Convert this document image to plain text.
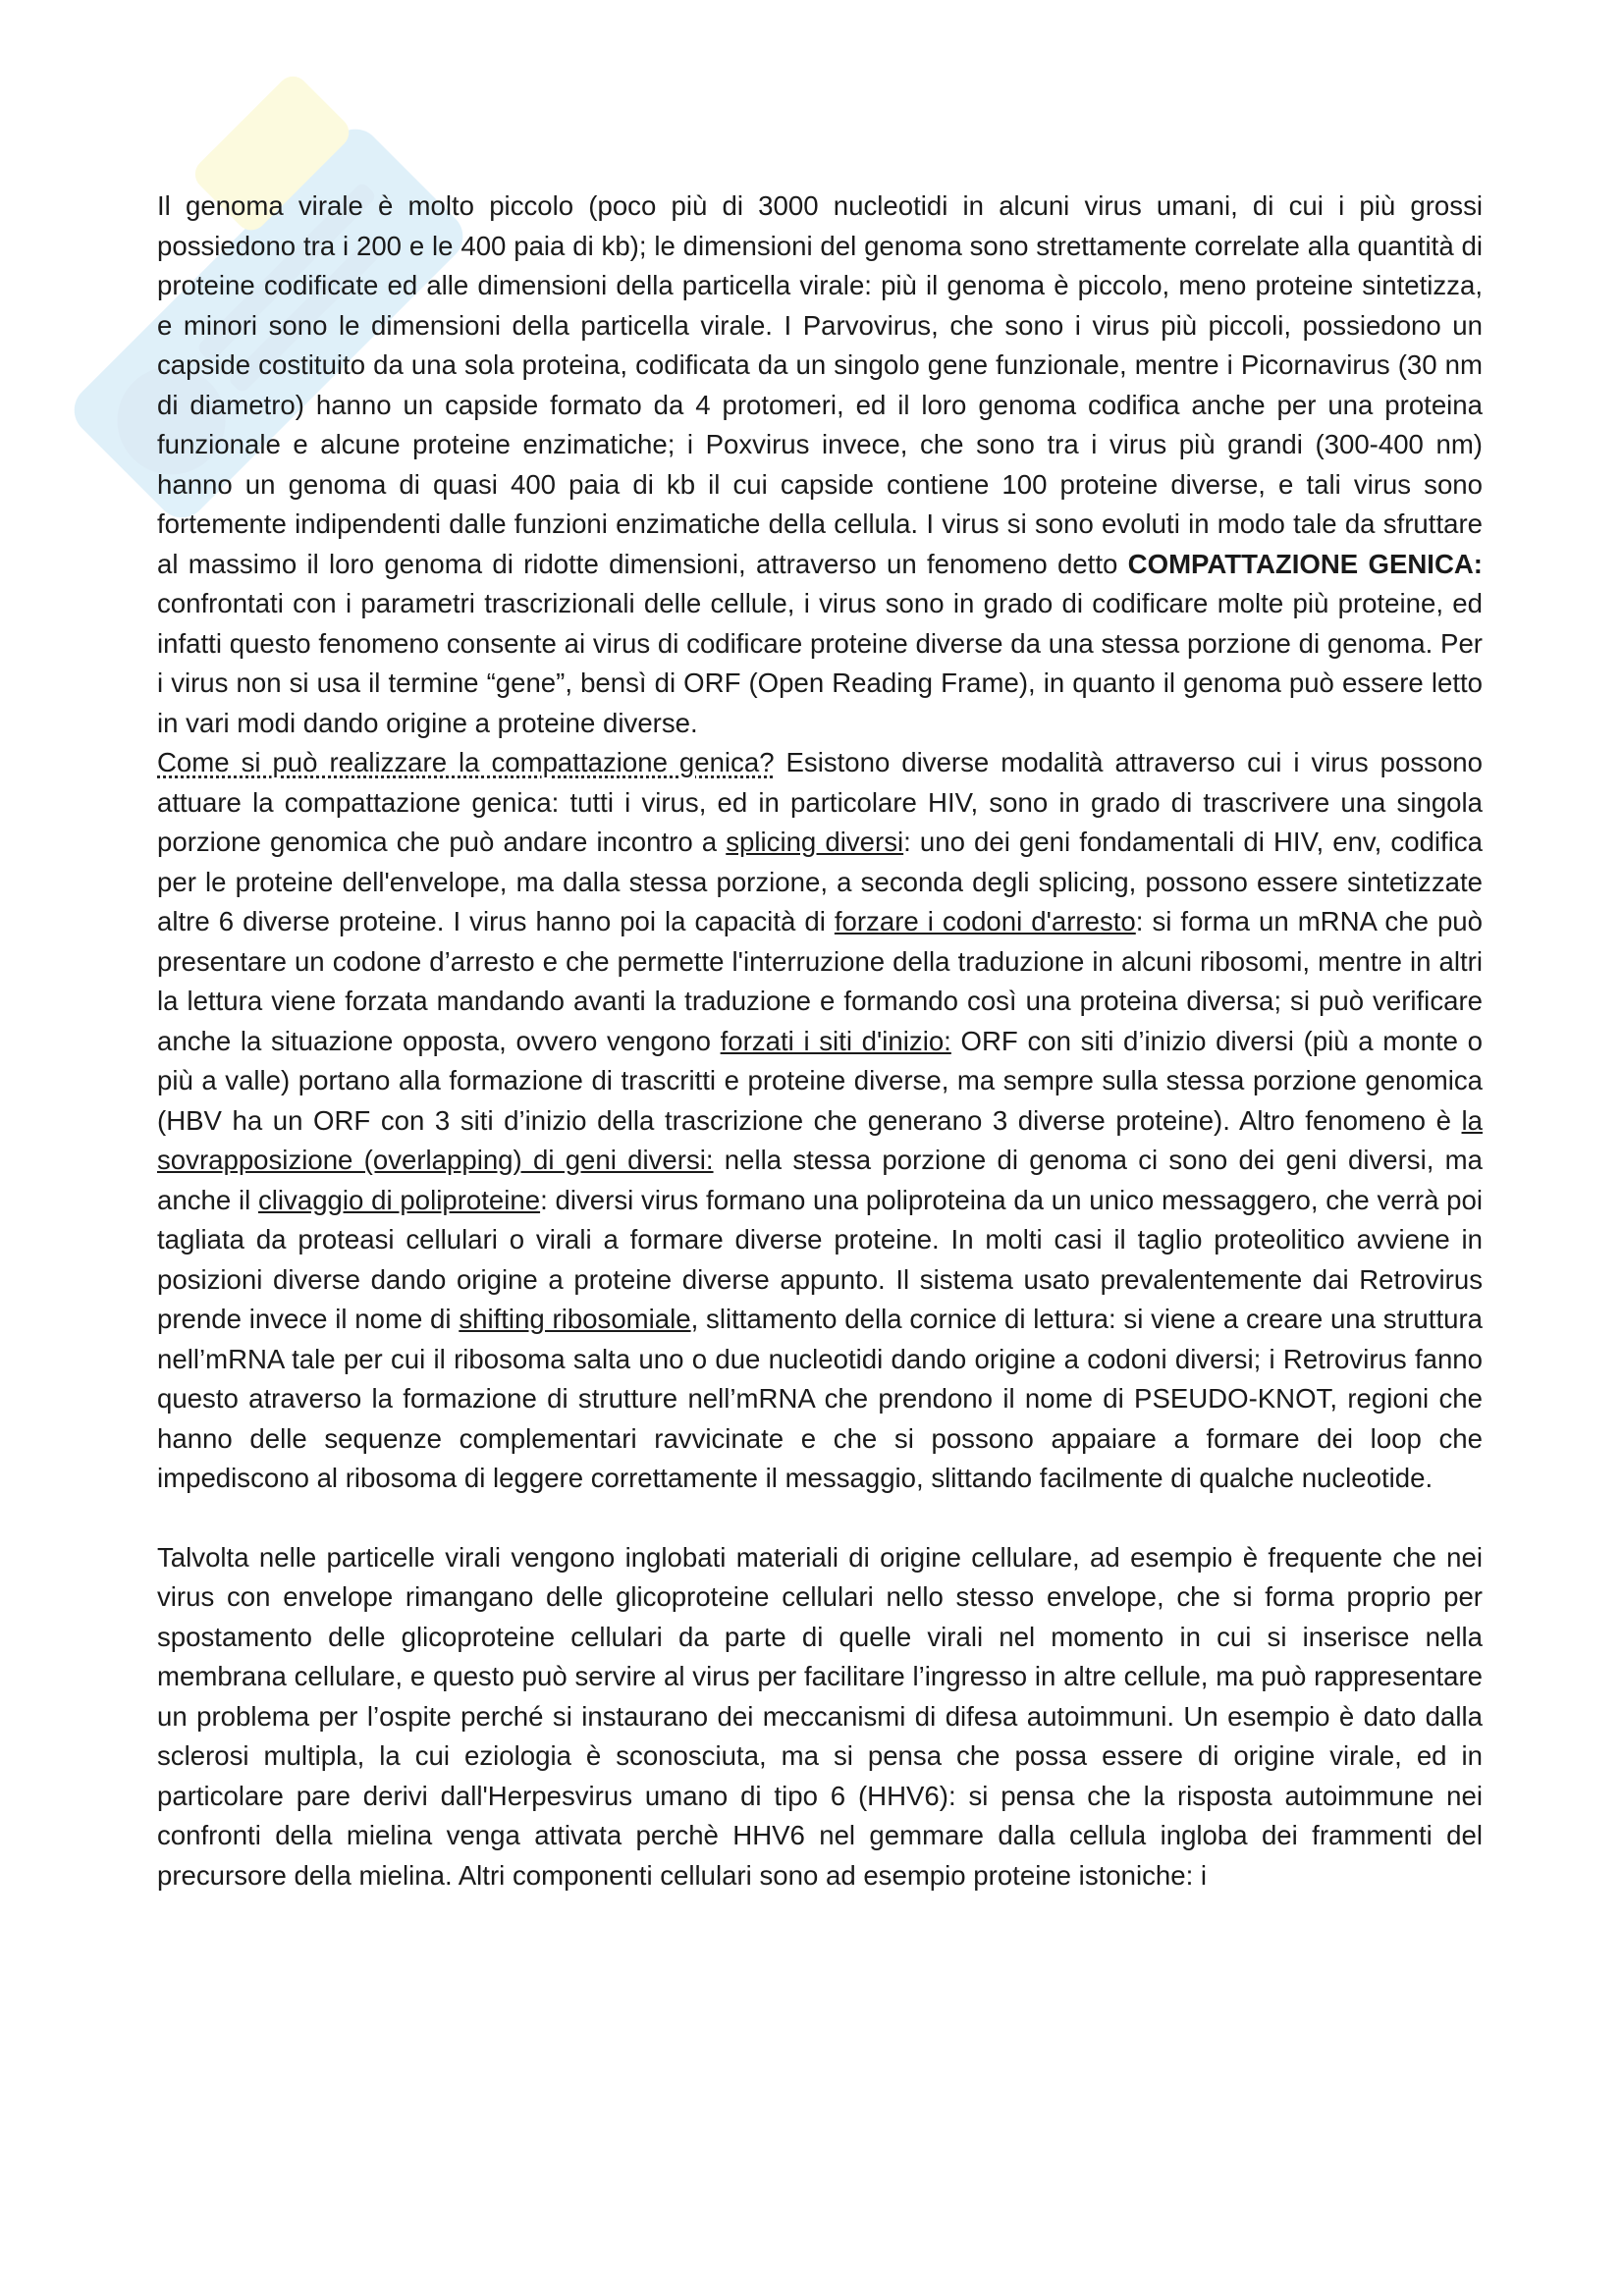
Il genoma virale è molto piccolo (poco più di 3000 nucleotidi in alcuni virus umani, di cui i più grossi possiedono tra i 200 e le 400 paia di kb); le dimensioni del genoma sono strettamente correlate alla quantità di proteine codificate ed alle dimensioni della particella virale: più il genoma è piccolo, meno proteine sintetizza, e minori sono le dimensioni della particella virale. I Parvovirus, che sono i virus più piccoli, possiedono un capside costituito da una sola proteina, codificata da un singolo gene funzionale, mentre i Picornavirus (30 nm di diametro) hanno un capside formato da 4 protomeri, ed il loro genoma codifica anche per una proteina funzionale e alcune proteine enzimatiche; i Poxvirus invece, che sono tra i virus più grandi (300-400 nm) hanno un genoma di quasi 400 paia di kb il cui capside contiene 100 proteine diverse, e tali virus sono fortemente indipendenti dalle funzioni enzimatiche della cellula. I virus si sono evoluti in modo tale da sfruttare al massimo il loro genoma di ridotte dimensioni, attraverso un fenomeno detto COMPATTAZIONE GENICA: confrontati con i parametri trascrizionali delle cellule, i virus sono in grado di codificare molte più proteine, ed infatti questo fenomeno consente ai virus di codificare proteine diverse da una stessa porzione di genoma. Per i virus non si usa il termine “gene”, bensì di ORF (Open Reading Frame), in quanto il genoma può essere letto in vari modi dando origine a proteine diverse.

Come si può realizzare la compattazione genica? Esistono diverse modalità attraverso cui i virus possono attuare la compattazione genica: tutti i virus, ed in particolare HIV, sono in grado di trascrivere una singola porzione genomica che può andare incontro a splicing diversi: uno dei geni fondamentali di HIV, env, codifica per le proteine dell'envelope, ma dalla stessa porzione, a seconda degli splicing, possono essere sintetizzate altre 6 diverse proteine. I virus hanno poi la capacità di forzare i codoni d'arresto: si forma un mRNA che può presentare un codone d’arresto e che permette l'interruzione della traduzione in alcuni ribosomi, mentre in altri la lettura viene forzata mandando avanti la traduzione e formando così una proteina diversa; si può verificare anche la situazione opposta, ovvero vengono forzati i siti d'inizio: ORF con siti d’inizio diversi (più a monte o più a valle) portano alla formazione di trascritti e proteine diverse, ma sempre sulla stessa porzione genomica (HBV ha un ORF con 3 siti d’inizio della trascrizione che generano 3 diverse proteine). Altro fenomeno è la sovrapposizione (overlapping) di geni diversi: nella stessa porzione di genoma ci sono dei geni diversi, ma anche il clivaggio di poliproteine: diversi virus formano una poliproteina da un unico messaggero, che verrà poi tagliata da proteasi cellulari o virali a formare diverse proteine. In molti casi il taglio proteolitico avviene in posizioni diverse dando origine a proteine diverse appunto. Il sistema usato prevalentemente dai Retrovirus prende invece il nome di shifting ribosomiale, slittamento della cornice di lettura: si viene a creare una struttura nell’mRNA tale per cui il ribosoma salta uno o due nucleotidi dando origine a codoni diversi; i Retrovirus fanno questo atraverso la formazione di strutture nell’mRNA che prendono il nome di PSEUDO-KNOT, regioni che hanno delle sequenze complementari ravvicinate e che si possono appaiare a formare dei loop che impediscono al ribosoma di leggere correttamente il messaggio, slittando facilmente di qualche nucleotide.

Talvolta nelle particelle virali vengono inglobati materiali di origine cellulare, ad esempio è frequente che nei virus con envelope rimangano delle glicoproteine cellulari nello stesso envelope, che si forma proprio per spostamento delle glicoproteine cellulari da parte di quelle virali nel momento in cui si inserisce nella membrana cellulare, e questo può servire al virus per facilitare l’ingresso in altre cellule, ma può rappresentare un problema per l’ospite perché si instaurano dei meccanismi di difesa autoimmuni. Un esempio è dato dalla sclerosi multipla, la cui eziologia è sconosciuta, ma si pensa che possa essere di origine virale, ed in particolare pare derivi dall'Herpesvirus umano di tipo 6 (HHV6): si pensa che la risposta autoimmune nei confronti della mielina venga attivata perchè HHV6 nel gemmare dalla cellula ingloba dei frammenti del precursore della mielina. Altri componenti cellulari sono ad esempio proteine istoniche: i
